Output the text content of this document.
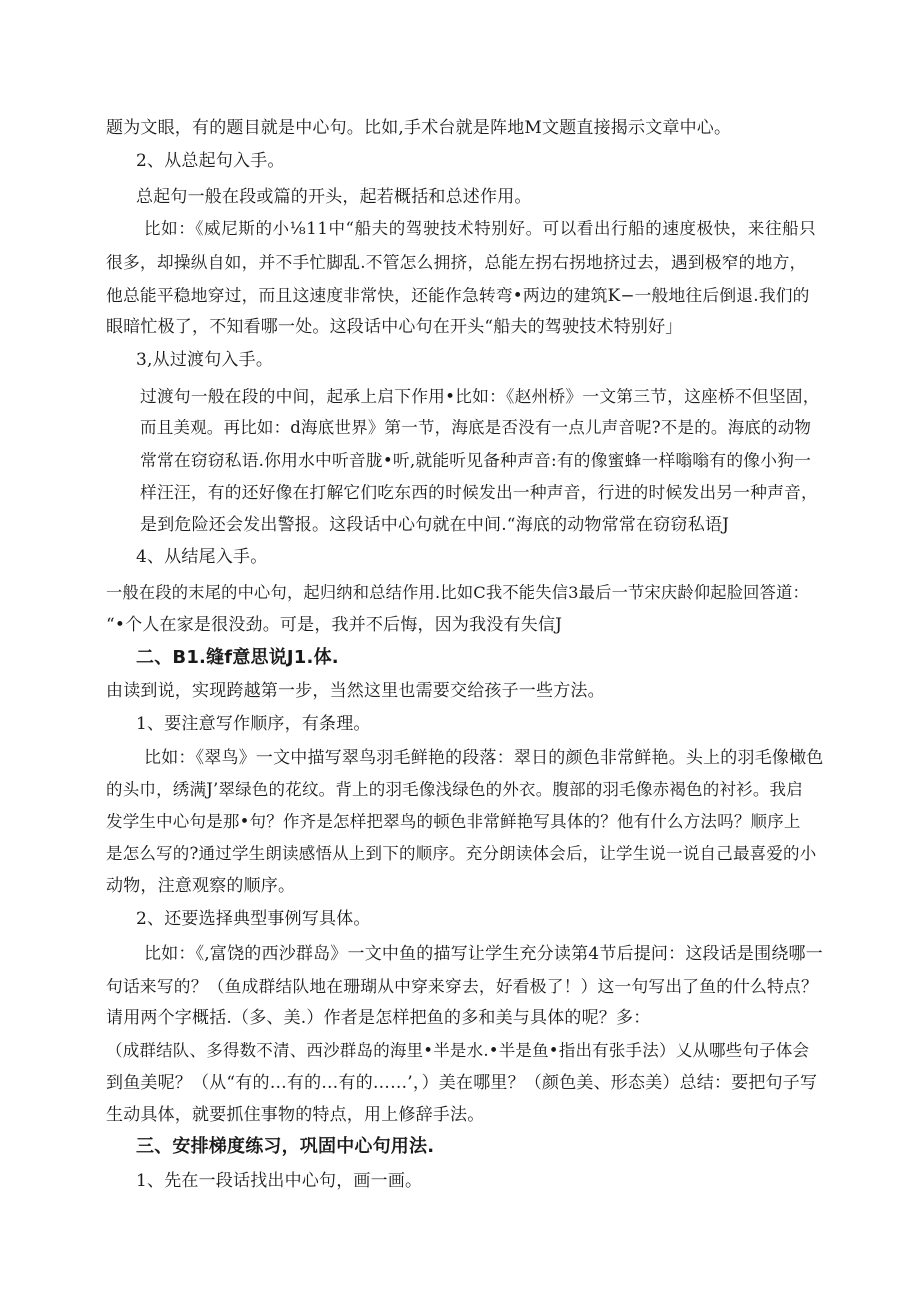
题为文眼，有的题目就是中心句。比如,手术台就是阵地M文题直接揭示文章中心。

2、从总起句入手。

总起句一般在段或篇的开头，起若概括和总述作用。

比如：《威尼斯的小⅛11中“船夫的驾驶技术特别好。可以看出行船的速度极快，来往船只

很多，却操纵自如，并不手忙脚乱.不管怎么拥挤，总能左拐右拐地挤过去，遇到极窄的地方，

他总能平稳地穿过，而且这速度非常快，还能作急转弯•两边的建筑K−一般地往后倒退.我们的

眼暗忙极了，不知看哪一处。这段话中心句在开头“船夫的驾驶技术特别好」

3,从过渡句入手。

过渡句一般在段的中间，起承上启下作用•比如：《赵州桥》一文第三节，这座桥不但坚固，

而且美观。再比如：d海底世界》第一节，海底是否没有一点儿声音呢?不是的。海底的动物

常常在窃窃私语.你用水中听音胧•听,就能听见备种声音:有的像蜜蜂一样嗡嗡有的像小狗一

样汪汪，有的还好像在打解它们吃东西的时候发出一种声音，行进的时候发出另一种声音，

是到危险还会发出警报。这段话中心句就在中间.“海底的动物常常在窃窃私语J

4、从结尾入手。

一般在段的末尾的中心句，起归纳和总结作用.比如C我不能失信3最后一节宋庆龄仰起脸回答道：

“•个人在家是很没劲。可是，我并不后悔，因为我没有失信J

二、B1.缝f意思说J1.体.

由读到说，实现跨越第一步，当然这里也需要交给孩子一些方法。

1、要注意写作顺序，有条理。

比如：《翠鸟》一文中描写翠鸟羽毛鲜艳的段落：翠日的颜色非常鲜艳。头上的羽毛像橄色

的头巾，绣满J’翠绿色的花纹。背上的羽毛像浅绿色的外衣。腹部的羽毛像赤褐色的衬衫。我启

发学生中心句是那•句？作齐是怎样把翠鸟的顿色非常鲜艳写具体的？他有什么方法吗？顺序上

是怎么写的?通过学生朗读感悟从上到下的顺序。充分朗读体会后，让学生说一说自己最喜爱的小

动物，注意观察的顺序。

2、还要选择典型事例写具体。

比如：《,富饶的西沙群岛》一文中鱼的描写让学生充分读第4节后提问：这段话是围绕哪一

句话来写的？（鱼成群结队地在珊瑚从中穿来穿去，好看极了！）这一句写出了鱼的什么特点？

请用两个字概括.（多、美.）作者是怎样把鱼的多和美与具体的呢？多：

（成群结队、多得数不清、西沙群岛的海里•半是水.•半是鱼•指出有张手法）乂从哪些句子体会

到鱼美呢？（从“有的…有的…有的……’，）美在哪里？（颜色美、形态美）总结：要把句子写

生动具体，就要抓住事物的特点，用上修辞手法。

三、安排梯度练习，巩固中心句用法.

1、先在一段话找出中心句，画一画。
